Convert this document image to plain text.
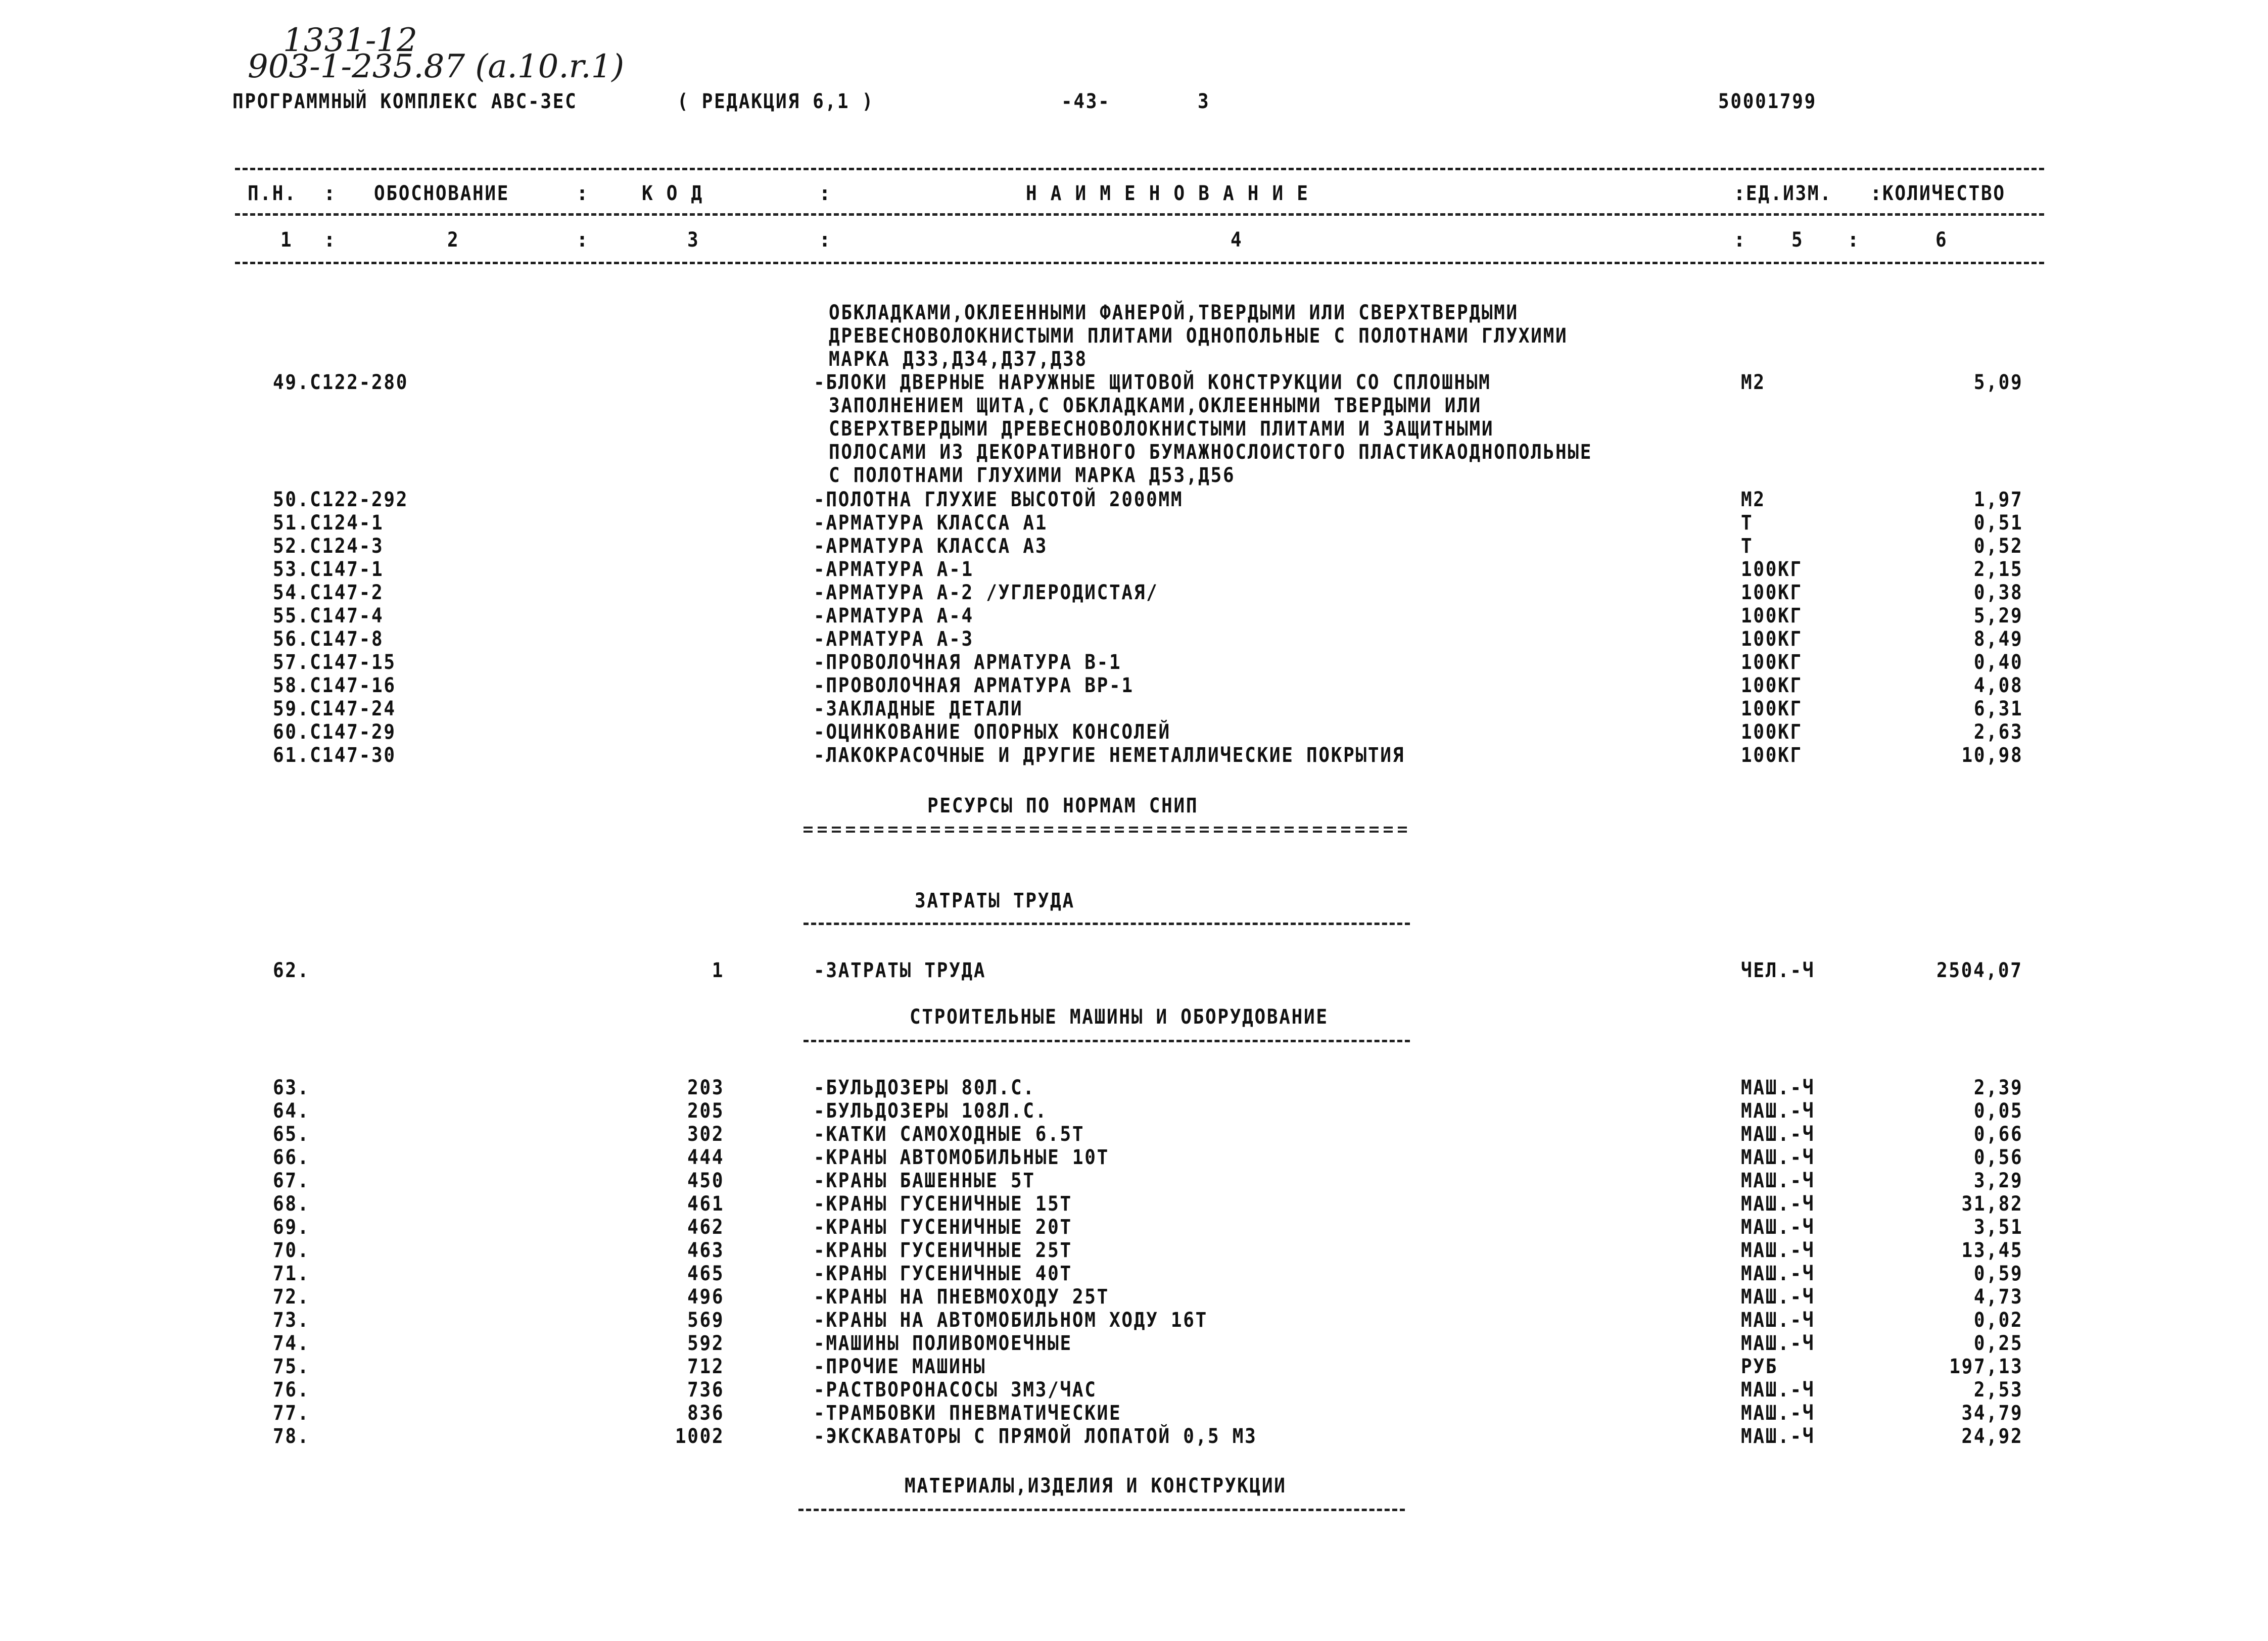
1331-12
903-1-235.87 (a.10.r.1)
ПРОГРАММНЫЙ КОМПЛЕКС АВС-3ЕС	( РЕДАКЦИЯ 6,1 )	-43-	3	50001799
П.Н. : ОБОСНОВАНИЕ	:	К О Д	:	Н А И М Е Н О В А Н И Е	: ЕД.ИЗМ. : КОЛИЧЕСТВО
1 :	2	:	3	:	4	: 5 :	6
ОБКЛАДКАМИ,ОКЛЕЕННЫМИ ФАНЕРОЙ,ТВЕРДЫМИ ИЛИ СВЕРХТВЕРДЫМИ
ДРЕВЕСНОВОЛОКНИСТЫМИ ПЛИТАМИ ОДНОПОЛЬНЫЕ С ПОЛОТНАМИ ГЛУХИМИ
МАРКА Д33,Д34,Д37,Д38
49.С122-280	-БЛОКИ ДВЕРНЫЕ НАРУЖНЫЕ ЩИТОВОЙ КОНСТРУКЦИИ СО СПЛОШНЫМ
ЗАПОЛНЕНИЕМ ЩИТА,С ОБКЛАДКАМИ,ОКЛЕЕННЫМИ ТВЕРДЫМИ ИЛИ
СВЕРХТВЕРДЫМИ ДРЕВЕСНОВОЛОКНИСТЫМИ ПЛИТАМИ И ЗАЩИТНЫМИ
ПОЛОСАМИ ИЗ ДЕКОРАТИВНОГО БУМАЖНОСЛОИСТОГО ПЛАСТИКАОДНОПОЛЬНЫЕ
С ПОЛОТНАМИ ГЛУХИМИ МАРКА Д53,Д56
М2	5,09
50.С122-292	-ПОЛОТНА ГЛУХИЕ ВЫСОТОЙ 2000ММ	М2	1,97
51.С124-1	-АРМАТУРА КЛАССА А1	Т	0,51
52.С124-3	-АРМАТУРА КЛАССА А3	Т	0,52
53.С147-1	-АРМАТУРА А-1	100КГ	2,15
54.С147-2	-АРМАТУРА А-2 /УГЛЕРОДИСТАЯ/	100КГ	0,38
55.С147-4	-АРМАТУРА А-4	100КГ	5,29
56.С147-8	-АРМАТУРА А-3	100КГ	8,49
57.С147-15	-ПРОВОЛОЧНАЯ АРМАТУРА В-1	100КГ	0,40
58.С147-16	-ПРОВОЛОЧНАЯ АРМАТУРА ВР-1	100КГ	4,08
59.С147-24	-ЗАКЛАДНЫЕ ДЕТАЛИ	100КГ	6,31
60.С147-29	-ОЦИНКОВАНИЕ ОПОРНЫХ КОНСОЛЕЙ	100КГ	2,63
61.С147-30	-ЛАКОКРАСОЧНЫЕ И ДРУГИЕ НЕМЕТАЛЛИЧЕСКИЕ ПОКРЫТИЯ	100КГ	10,98
РЕСУРСЫ ПО НОРМАМ СНИП
ЗАТРАТЫ ТРУДА
62.	1	-ЗАТРАТЫ ТРУДА	ЧЕЛ.-Ч	2504,07
СТРОИТЕЛЬНЫЕ МАШИНЫ И ОБОРУДОВАНИЕ
63.	203	-БУЛЬДОЗЕРЫ 80Л.С.	МАШ.-Ч	2,39
64.	205	-БУЛЬДОЗЕРЫ 108Л.С.	МАШ.-Ч	0,05
65.	302	-КАТКИ САМОХОДНЫЕ 6.5Т	МАШ.-Ч	0,66
66.	444	-КРАНЫ АВТОМОБИЛЬНЫЕ 10Т	МАШ.-Ч	0,56
67.	450	-КРАНЫ БАШЕННЫЕ 5Т	МАШ.-Ч	3,29
68.	461	-КРАНЫ ГУСЕНИЧНЫЕ 15Т	МАШ.-Ч	31,82
69.	462	-КРАНЫ ГУСЕНИЧНЫЕ 20Т	МАШ.-Ч	3,51
70.	463	-КРАНЫ ГУСЕНИЧНЫЕ 25Т	МАШ.-Ч	13,45
71.	465	-КРАНЫ ГУСЕНИЧНЫЕ 40Т	МАШ.-Ч	0,59
72.	496	-КРАНЫ НА ПНЕВМОХОДУ 25Т	МАШ.-Ч	4,73
73.	569	-КРАНЫ НА АВТОМОБИЛЬНОМ ХОДУ 16Т	МАШ.-Ч	0,02
74.	592	-МАШИНЫ ПОЛИВОМОЕЧНЫЕ	МАШ.-Ч	0,25
75.	712	-ПРОЧИЕ МАШИНЫ	РУБ	197,13
76.	736	-РАСТВОРОНАСОСЫ 3М3/ЧАС	МАШ.-Ч	2,53
77.	836	-ТРАМБОВКИ ПНЕВМАТИЧЕСКИЕ	МАШ.-Ч	34,79
78.	1002	-ЭКСКАВАТОРЫ С ПРЯМОЙ ЛОПАТОЙ 0,5 М3	МАШ.-Ч	24,92
МАТЕРИАЛЫ,ИЗДЕЛИЯ И КОНСТРУКЦИИ
